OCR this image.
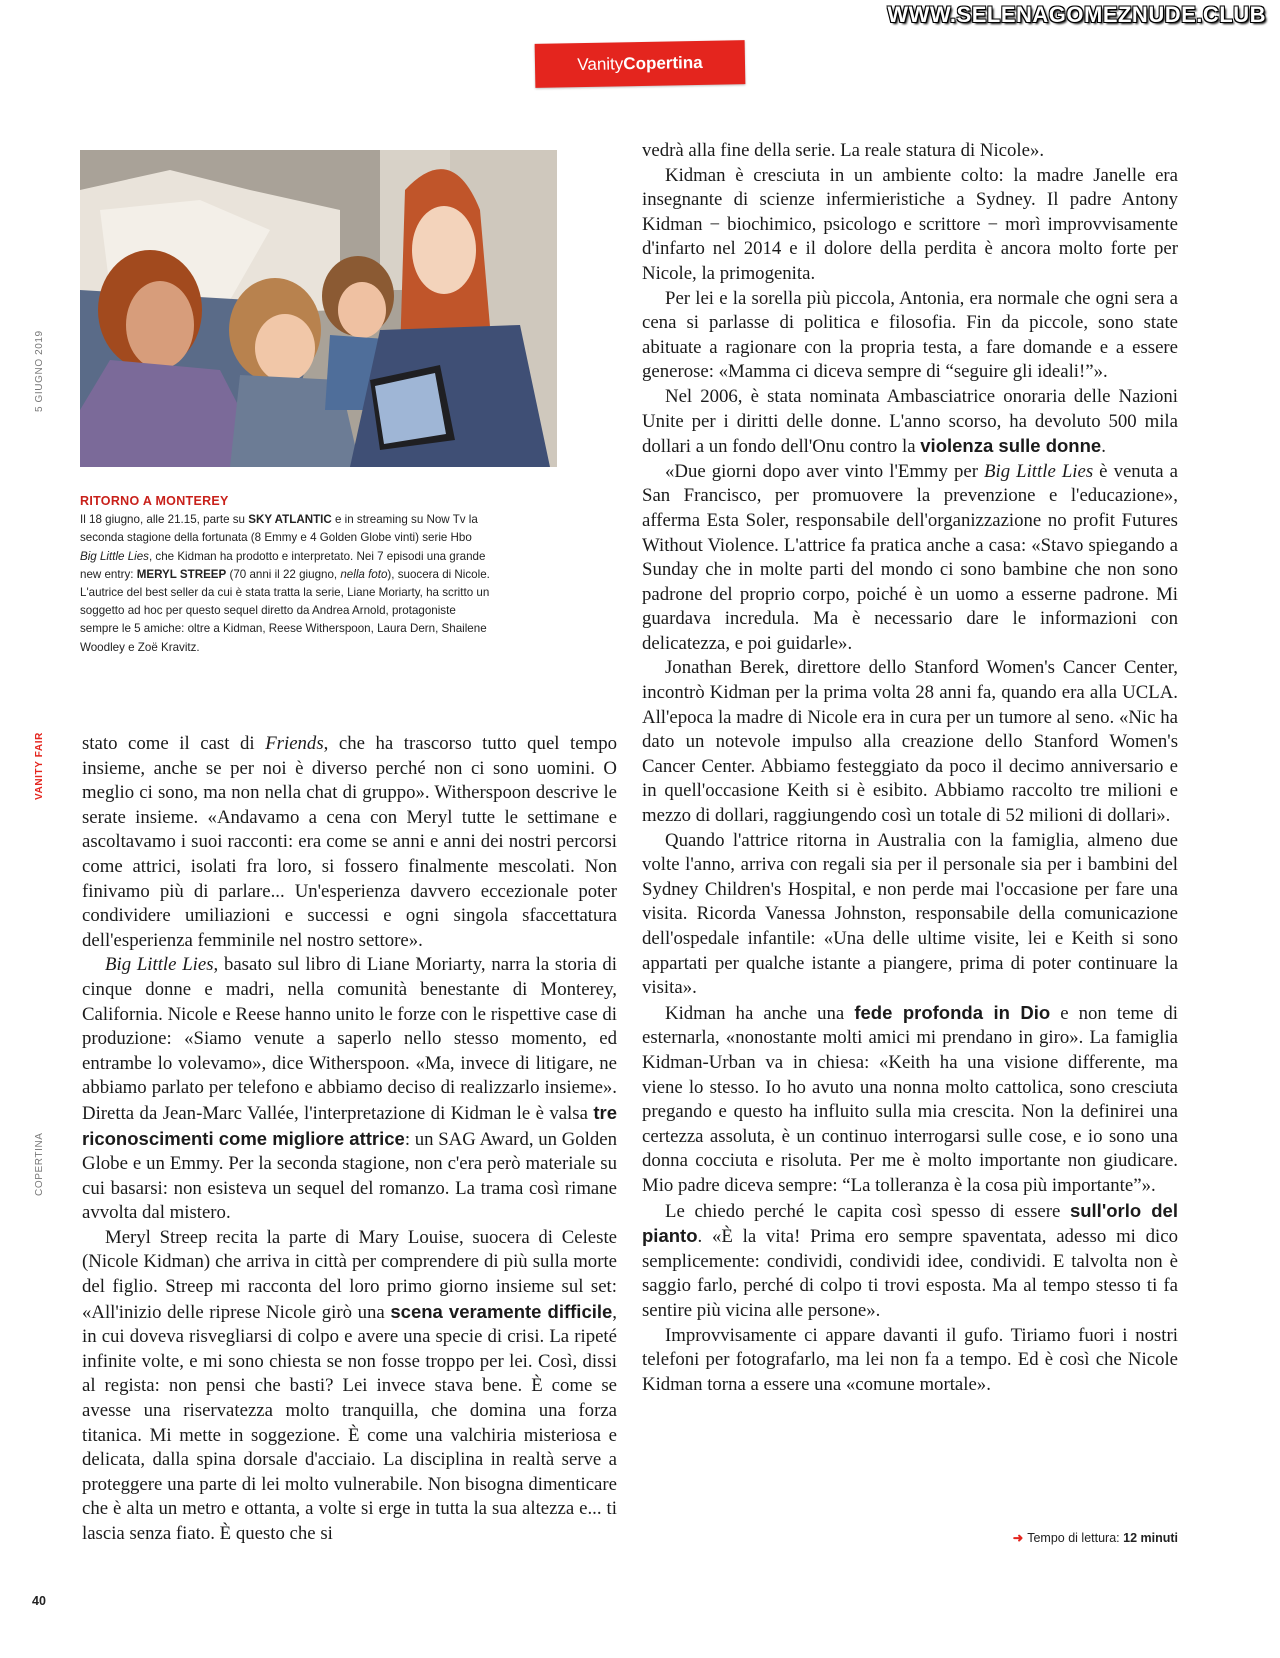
WWW.SELENAGOMEZNUDE.CLUB
Vanity Copertina
5 GIUGNO 2019
VANITY FAIR
COPERTINA
RITORNO A MONTEREY
Il 18 giugno, alle 21.15, parte su SKY ATLANTIC e in streaming su Now Tv la seconda stagione della fortunata (8 Emmy e 4 Golden Globe vinti) serie Hbo Big Little Lies, che Kidman ha prodotto e interpretato. Nei 7 episodi una grande new entry: MERYL STREEP (70 anni il 22 giugno, nella foto), suocera di Nicole. L'autrice del best seller da cui è stata tratta la serie, Liane Moriarty, ha scritto un soggetto ad hoc per questo sequel diretto da Andrea Arnold, protagoniste sempre le 5 amiche: oltre a Kidman, Reese Witherspoon, Laura Dern, Shailene Woodley e Zoë Kravitz.

stato come il cast di Friends, che ha trascorso tutto quel tempo insieme, anche se per noi è diverso perché non ci sono uomini. O meglio ci sono, ma non nella chat di gruppo». Witherspoon descrive le serate insieme. «Andavamo a cena con Meryl tutte le settimane e ascoltavamo i suoi racconti: era come se anni e anni dei nostri percorsi come attrici, isolati fra loro, si fossero finalmente mescolati. Non finivamo più di parlare... Un'esperienza davvero eccezionale poter condividere umiliazioni e successi e ogni singola sfaccettatura dell'esperienza femminile nel nostro settore».

Big Little Lies, basato sul libro di Liane Moriarty, narra la storia di cinque donne e madri, nella comunità benestante di Monterey, California. Nicole e Reese hanno unito le forze con le rispettive case di produzione: «Siamo venute a saperlo nello stesso momento, ed entrambe lo volevamo», dice Witherspoon. «Ma, invece di litigare, ne abbiamo parlato per telefono e abbiamo deciso di realizzarlo insieme». Diretta da Jean-Marc Vallée, l'interpretazione di Kidman le è valsa tre riconoscimenti come migliore attrice: un SAG Award, un Golden Globe e un Emmy. Per la seconda stagione, non c'era però materiale su cui basarsi: non esisteva un sequel del romanzo. La trama così rimane avvolta dal mistero.

Meryl Streep recita la parte di Mary Louise, suocera di Celeste (Nicole Kidman) che arriva in città per comprendere di più sulla morte del figlio. Streep mi racconta del loro primo giorno insieme sul set: «All'inizio delle riprese Nicole girò una scena veramente difficile, in cui doveva risvegliarsi di colpo e avere una specie di crisi. La ripeté infinite volte, e mi sono chiesta se non fosse troppo per lei. Così, dissi al regista: non pensi che basti? Lei invece stava bene. È come se avesse una riservatezza molto tranquilla, che domina una forza titanica. Mi mette in soggezione. È come una valchiria misteriosa e delicata, dalla spina dorsale d'acciaio. La disciplina in realtà serve a proteggere una parte di lei molto vulnerabile. Non bisogna dimenticare che è alta un metro e ottanta, a volte si erge in tutta la sua altezza e... ti lascia senza fiato. È questo che si

vedrà alla fine della serie. La reale statura di Nicole».

Kidman è cresciuta in un ambiente colto: la madre Janelle era insegnante di scienze infermieristiche a Sydney. Il padre Antony Kidman − biochimico, psicologo e scrittore − morì improvvisamente d'infarto nel 2014 e il dolore della perdita è ancora molto forte per Nicole, la primogenita.

Per lei e la sorella più piccola, Antonia, era normale che ogni sera a cena si parlasse di politica e filosofia. Fin da piccole, sono state abituate a ragionare con la propria testa, a fare domande e a essere generose: «Mamma ci diceva sempre di “seguire gli ideali!”».

Nel 2006, è stata nominata Ambasciatrice onoraria delle Nazioni Unite per i diritti delle donne. L'anno scorso, ha devoluto 500 mila dollari a un fondo dell'Onu contro la violenza sulle donne.

«Due giorni dopo aver vinto l'Emmy per Big Little Lies è venuta a San Francisco, per promuovere la prevenzione e l'educazione», afferma Esta Soler, responsabile dell'organizzazione no profit Futures Without Violence. L'attrice fa pratica anche a casa: «Stavo spiegando a Sunday che in molte parti del mondo ci sono bambine che non sono padrone del proprio corpo, poiché è un uomo a esserne padrone. Mi guardava incredula. Ma è necessario dare le informazioni con delicatezza, e poi guidarle».

Jonathan Berek, direttore dello Stanford Women's Cancer Center, incontrò Kidman per la prima volta 28 anni fa, quando era alla UCLA. All'epoca la madre di Nicole era in cura per un tumore al seno. «Nic ha dato un notevole impulso alla creazione dello Stanford Women's Cancer Center. Abbiamo festeggiato da poco il decimo anniversario e in quell'occasione Keith si è esibito. Abbiamo raccolto tre milioni e mezzo di dollari, raggiungendo così un totale di 52 milioni di dollari».

Quando l'attrice ritorna in Australia con la famiglia, almeno due volte l'anno, arriva con regali sia per il personale sia per i bambini del Sydney Children's Hospital, e non perde mai l'occasione per fare una visita. Ricorda Vanessa Johnston, responsabile della comunicazione dell'ospedale infantile: «Una delle ultime visite, lei e Keith si sono appartati per qualche istante a piangere, prima di poter continuare la visita».

Kidman ha anche una fede profonda in Dio e non teme di esternarla, «nonostante molti amici mi prendano in giro». La famiglia Kidman-Urban va in chiesa: «Keith ha una visione differente, ma viene lo stesso. Io ho avuto una nonna molto cattolica, sono cresciuta pregando e questo ha influito sulla mia crescita. Non la definirei una certezza assoluta, è un continuo interrogarsi sulle cose, e io sono una donna cocciuta e risoluta. Per me è molto importante non giudicare. Mio padre diceva sempre: “La tolleranza è la cosa più importante”».

Le chiedo perché le capita così spesso di essere sull'orlo del pianto. «È la vita! Prima ero sempre spaventata, adesso mi dico semplicemente: condividi, condividi idee, condividi. E talvolta non è saggio farlo, perché di colpo ti trovi esposta. Ma al tempo stesso ti fa sentire più vicina alle persone».

Improvvisamente ci appare davanti il gufo. Tiriamo fuori i nostri telefoni per fotografarlo, ma lei non fa a tempo. Ed è così che Nicole Kidman torna a essere una «comune mortale».

➜ Tempo di lettura: 12 minuti
40
